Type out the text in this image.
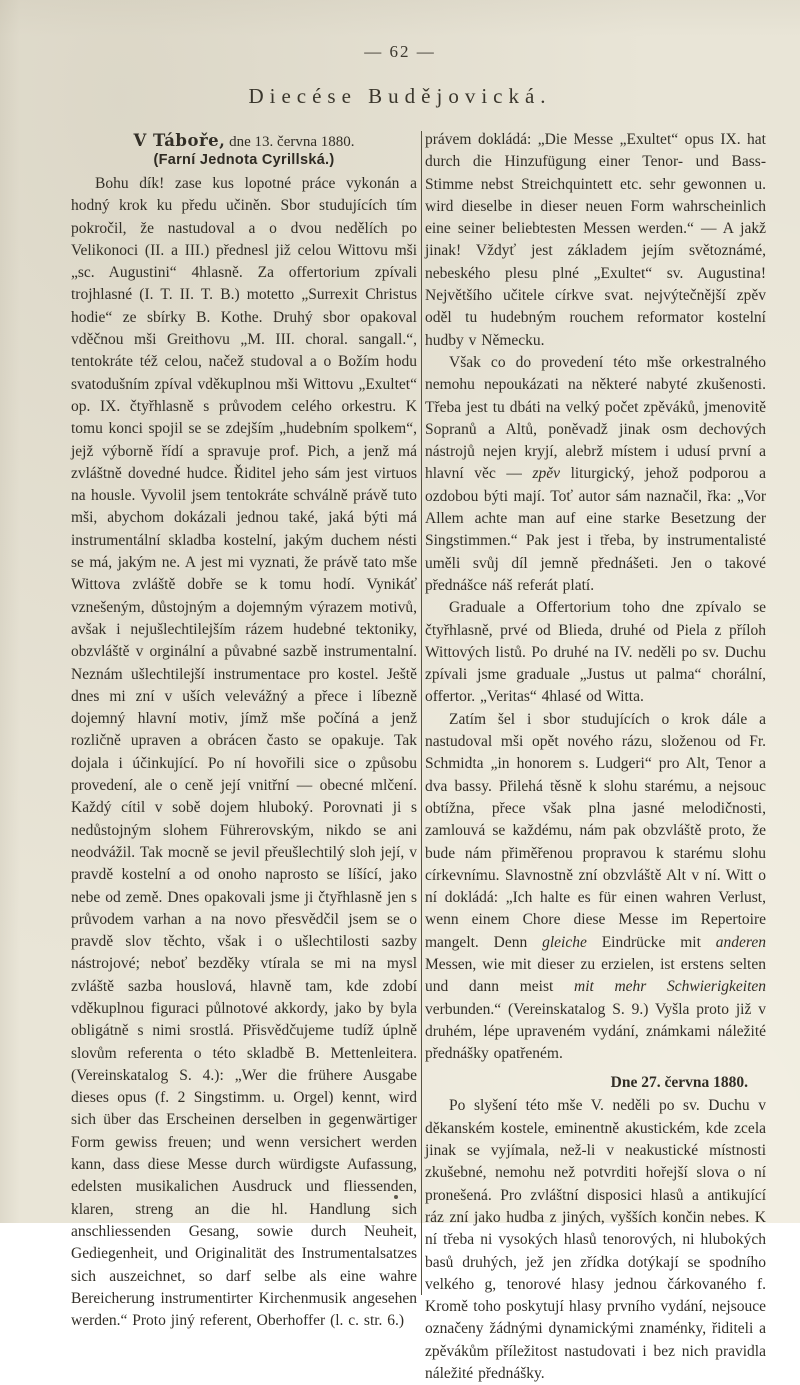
— 62 —
Diecése Budějovická.
V Táboře, dne 13. června 1880.
(Farní Jednota Cyrillská.)

Bohu dík! zase kus lopotné práce vykonán a hodný krok ku předu učiněn. Sbor studujících tím pokročil, že nastudoval a o dvou nedělích po Velikonoci (II. a III.) přednesl již celou Wittovu mši „sc. Augustini“ 4hlasně. Za offertorium zpívali trojhlasné (I. T. II. T. B.) motetto „Surrexit Christus hodie“ ze sbírky B. Kothe. Druhý sbor opakoval vděčnou mši Greithovu „M. III. choral. sangall.“, tentokráte též celou, načež studoval a o Božím hodu svatodušním zpíval vděkuplnou mši Wittovu „Exultet“ op. IX. čtyřhlasně s průvodem celého orkestru. K tomu konci spojil se se zdejším „hudebním spolkem“, jejž výborně řídí a spravuje prof. Pich, a jenž má zvláštně dovedné hudce. Řiditel jeho sám jest virtuos na housle. Vyvolil jsem tentokráte schválně právě tuto mši, abychom dokázali jednou také, jaká býti má instrumentální skladba kostelní, jakým duchem nésti se má, jakým ne. A jest mi vyznati, že právě tato mše Wittova zvláště dobře se k tomu hodí. Vynikáť vznešeným, důstojným a dojemným výrazem motivů, avšak i nejušlechtilejším rázem hudebné tektoniky, obzvláště v orginální a půvabné sazbě instrumentalní. Neznám ušlechtilejší instrumentace pro kostel. Ještě dnes mi zní v uších velevážný a přece i líbezně dojemný hlavní motiv, jímž mše počíná a jenž rozličně upraven a obrácen často se opakuje. Tak dojala i účinkující. Po ní hovořili sice o způsobu provedení, ale o ceně její vnitřní — obecné mlčení. Každý cítil v sobě dojem hluboký. Porovnati ji s nedůstojným slohem Führerovským, nikdo se ani neodvážil. Tak mocně se jevil přeušlechtilý sloh její, v pravdě kostelní a od onoho naprosto se líšící, jako nebe od země. Dnes opakovali jsme ji čtyřhlasně jen s průvodem varhan a na novo přesvědčil jsem se o pravdě slov těchto, však i o ušlechtilosti sazby nástrojové; neboť bezděky vtírala se mi na mysl zvláště sazba houslová, hlavně tam, kde zdobí vděkuplnou figuraci půlnotové akkordy, jako by byla obligátně s nimi srostlá. Přisvědčujeme tudíž úplně slovům referenta o této skladbě B. Mettenleitera. (Vereinskatalog S. 4.): „Wer die frühere Ausgabe dieses opus (f. 2 Singstimm. u. Orgel) kennt, wird sich über das Erscheinen derselben in gegenwärtiger Form gewiss freuen; und wenn versichert werden kann, dass diese Messe durch würdigste Aufassung, edelsten musikalichen Ausdruck und fliessenden, klaren, streng an die hl. Handlung sich anschliessenden Gesang, sowie durch Neuheit, Gediegenheit, und Originalität des Instrumentalsatzes sich auszeichnet, so darf selbe als eine wahre Bereicherung instrumentirter Kirchenmusik angesehen werden.“ Proto jiný referent, Oberhoffer (l. c. str. 6.)

právem dokládá: „Die Messe „Exultet“ opus IX. hat durch die Hinzufügung einer Tenor- und Bass-Stimme nebst Streichquintett etc. sehr gewonnen u. wird dieselbe in dieser neuen Form wahrscheinlich eine seiner beliebtesten Messen werden.“ — A jakž jinak! Vždyť jest základem jejím světoznámé, nebeského plesu plné „Exultet“ sv. Augustina! Největšího učitele církve svat. nejvýtečnější zpěv oděl tu hudebným rouchem reformator kostelní hudby v Německu.

Však co do provedení této mše orkestralného nemohu nepoukázati na některé nabyté zkušenosti. Třeba jest tu dbáti na velký počet zpěváků, jmenovitě Sopranů a Altů, poněvadž jinak osm dechových nástrojů nejen kryjí, alebrž místem i udusí první a hlavní věc — zpěv liturgický, jehož podporou a ozdobou býti mají. Toť autor sám naznačil, řka: „Vor Allem achte man auf eine starke Besetzung der Singstimmen.“ Pak jest i třeba, by instrumentalisté uměli svůj díl jemně přednášeti. Jen o takové přednášce náš referát platí.

Graduale a Offertorium toho dne zpívalo se čtyřhlasně, prvé od Blieda, druhé od Piela z příloh Wittových listů. Po druhé na IV. neděli po sv. Duchu zpívali jsme graduale „Justus ut palma“ chorální, offertor. „Veritas“ 4hlasé od Witta.

Zatím šel i sbor studujících o krok dále a nastudoval mši opět nového rázu, složenou od Fr. Schmidta „in honorem s. Ludgeri“ pro Alt, Tenor a dva bassy. Přilehá těsně k slohu starému, a nejsouc obtížna, přece však plna jasné melodičnosti, zamlouvá se každému, nám pak obzvláště proto, že bude nám přiměřenou propravou k starému slohu církevnímu. Slavnostně zní obzvláště Alt v ní. Witt o ní dokládá: „Ich halte es für einen wahren Verlust, wenn einem Chore diese Messe im Repertoire mangelt. Denn gleiche Eindrücke mit anderen Messen, wie mit dieser zu erzielen, ist erstens selten und dann meist mit mehr Schwierigkeiten verbunden.“ (Vereinskatalog S. 9.) Vyšla proto již v druhém, lépe upraveném vydání, známkami náležité přednášky opatřeném.

Dne 27. června 1880.

Po slyšení této mše V. neděli po sv. Duchu v děkanském kostele, eminentně akustickém, kde zcela jinak se vyjímala, než-li v neakustické místnosti zkušebné, nemohu než potvrditi hořejší slova o ní pronešená. Pro zvláštní disposici hlasů a antikující ráz zní jako hudba z jiných, vyšších končin nebes. K ní třeba ni vysokých hlasů tenorových, ni hlubokých basů druhých, jež jen zřídka dotýkají se spodního velkého g, tenorové hlasy jednou čárkovaného f. Kromě toho poskytují hlasy prvního vydání, nejsouce označeny žádnými dynamickými znaménky, řiditeli a zpěvákům příležitost nastudovati i bez nich pravidla náležité přednášky.
